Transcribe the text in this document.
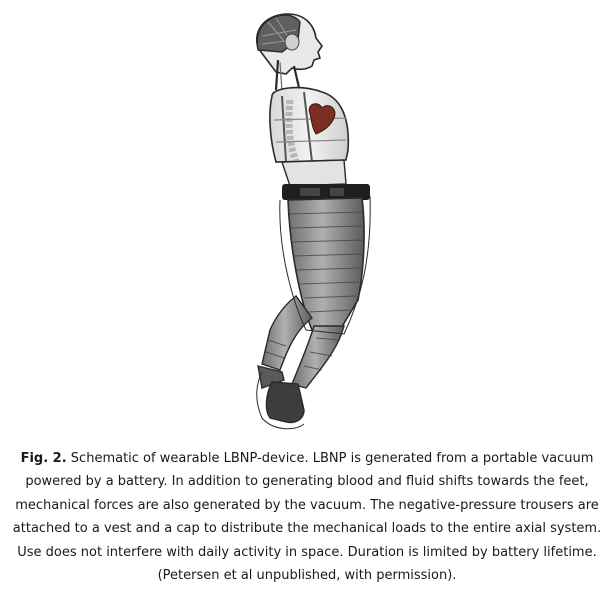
Fig. 2. Schematic of wearable LBNP-device. LBNP is generated from a portable vacuum powered by a battery. In addition to generating blood and fluid shifts towards the feet, mechanical forces are also generated by the vacuum. The negative-pressure trousers are attached to a vest and a cap to distribute the mechanical loads to the entire axial system. Use does not interfere with daily activity in space. Duration is limited by battery lifetime. (Petersen et al unpublished, with permission).
